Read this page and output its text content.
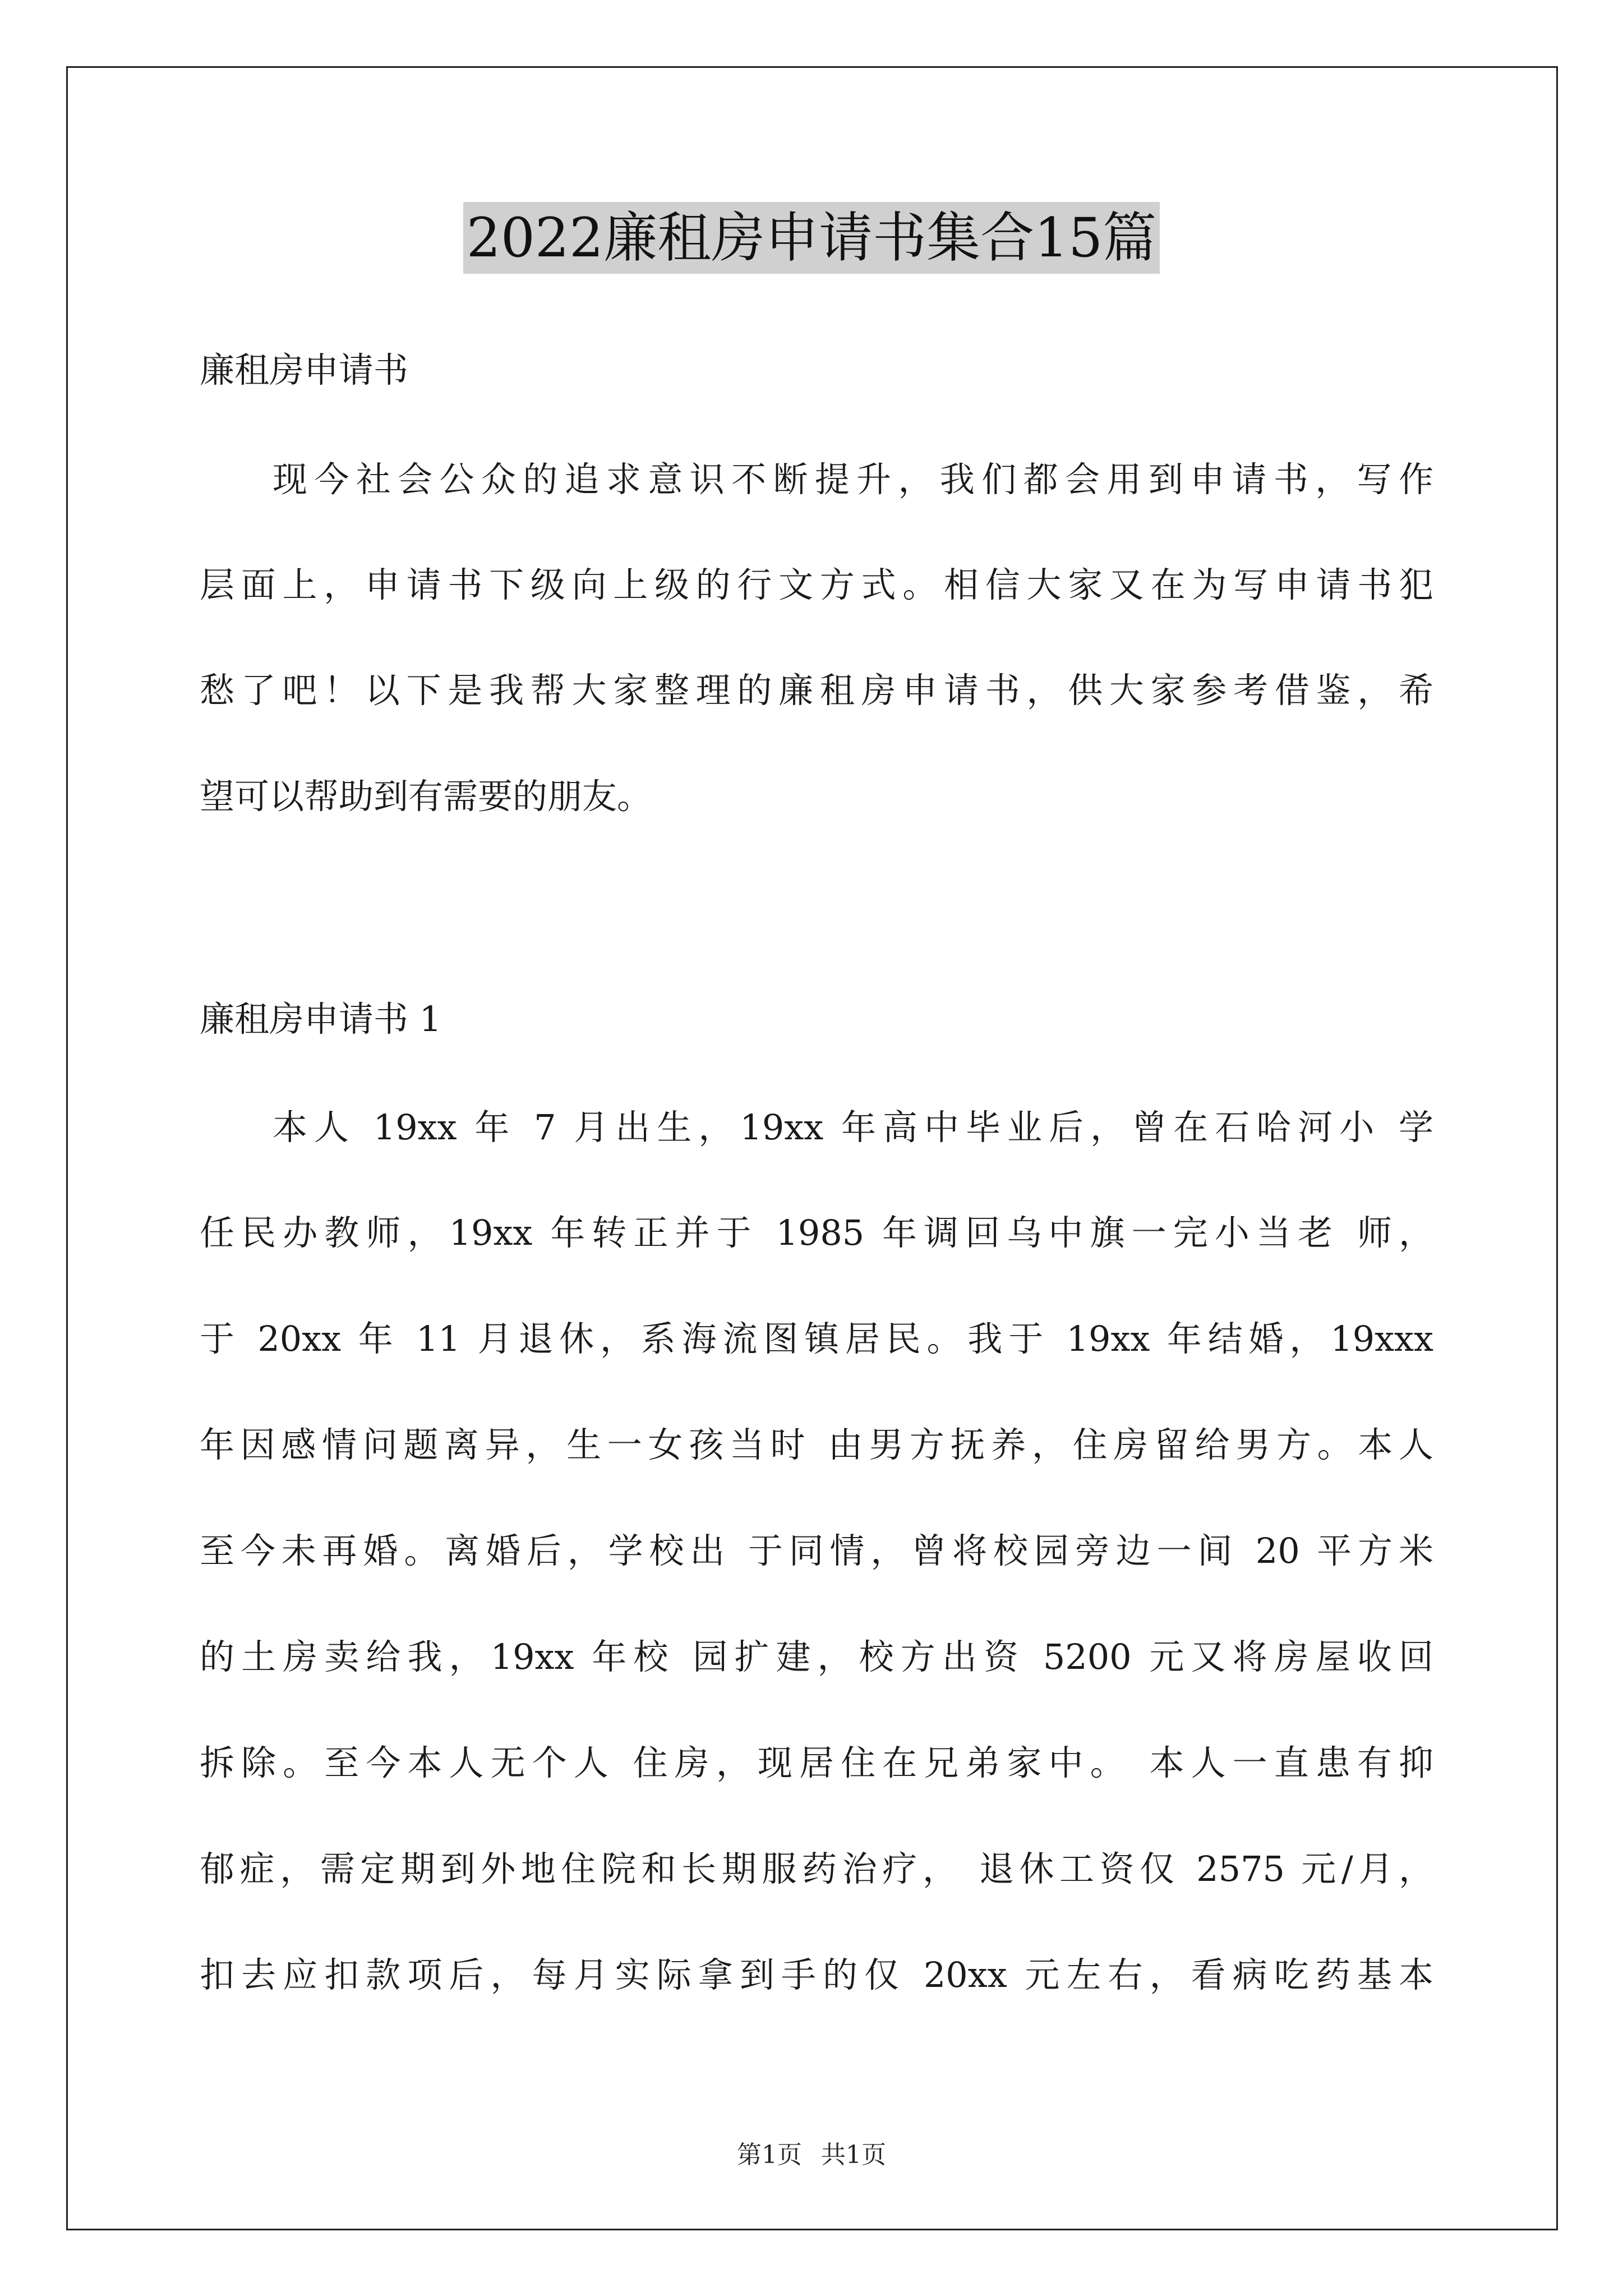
2022廉租房申请书集合15篇
廉租房申请书
现今社会公众的追求意识不断提升，我们都会用到申请书，写作
层面上，申请书下级向上级的行文方式。相信大家又在为写申请书犯
愁了吧！以下是我帮大家整理的廉租房申请书，供大家参考借鉴，希
望可以帮助到有需要的朋友。
廉租房申请书 1
本人 19xx 年 7 月出生，19xx 年高中毕业后，曾在石哈河小 学
任民办教师，19xx 年转正并于 1985 年调回乌中旗一完小当老 师，
于 20xx 年 11 月退休，系海流图镇居民。我于 19xx 年结婚，19xxx
年因感情问题离异，生一女孩当时 由男方抚养，住房留给男方。本人
至今未再婚。离婚后，学校出 于同情，曾将校园旁边一间 20 平方米
的土房卖给我，19xx 年校 园扩建，校方出资 5200 元又将房屋收回
拆除。至今本人无个人 住房，现居住在兄弟家中。 本人一直患有抑
郁症，需定期到外地住院和长期服药治疗， 退休工资仅 2575 元/月，
扣去应扣款项后，每月实际拿到手的仅 20xx 元左右，看病吃药基本
第1页 共1页
